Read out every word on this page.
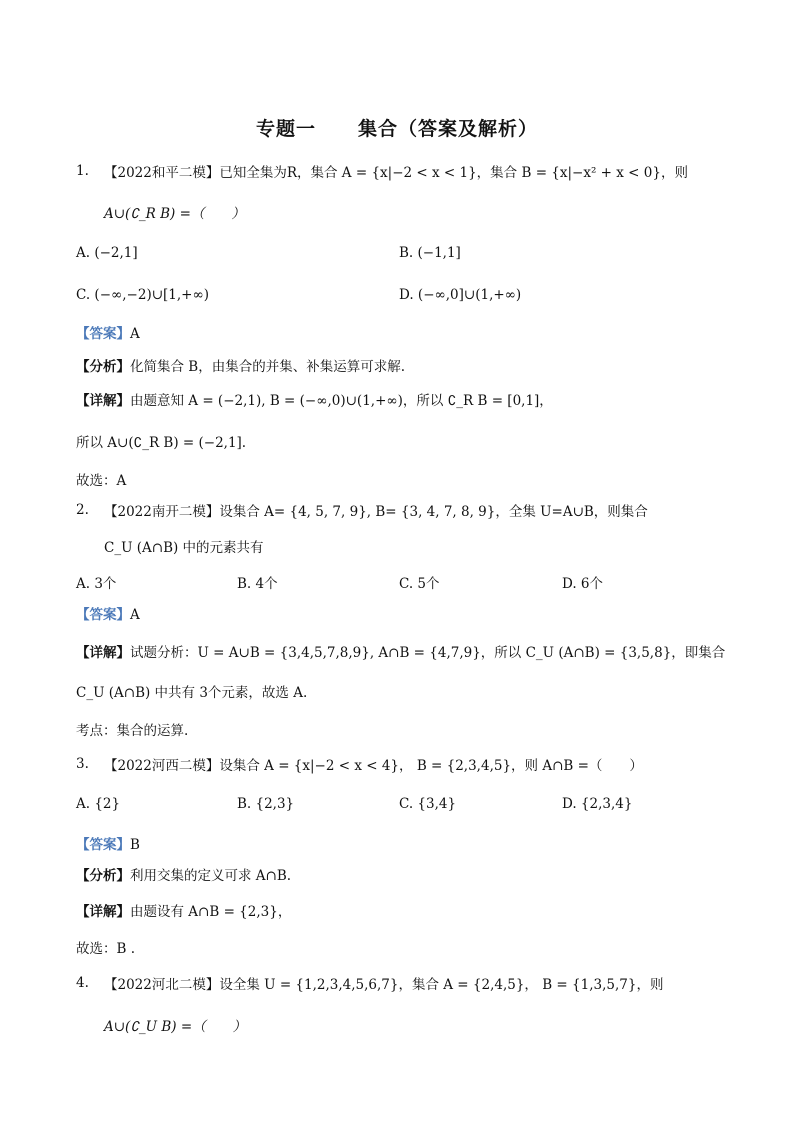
专题一 集合（答案及解析）
1. 【2022和平二模】已知全集为R，集合 A = {x|−2 < x < 1}，集合 B = {x|−x² + x < 0}，则
A∪(∁_R B) =（　　）
A. (−2,1]	B. (−1,1]
C. (−∞,−2)∪[1,+∞)	D. (−∞,0]∪(1,+∞)
【答案】A
【分析】化简集合 B，由集合的并集、补集运算可求解.
【详解】由题意知 A = (−2,1), B = (−∞,0)∪(1,+∞)，所以 ∁_R B = [0,1]，
所以 A∪(∁_R B) = (−2,1].
故选：A
2. 【2022南开二模】设集合 A= {4, 5, 7, 9}, B= {3, 4, 7, 8, 9}，全集 U=A∪B，则集合
C_U (A∩B) 中的元素共有
A. 3个	B. 4个	C. 5个	D. 6个
【答案】A
【详解】试题分析：U = A∪B = {3,4,5,7,8,9}, A∩B = {4,7,9}，所以 C_U (A∩B) = {3,5,8}，即集合
C_U (A∩B) 中共有 3个元素，故选 A.
考点：集合的运算.
3. 【2022河西二模】设集合 A = {x|−2 < x < 4}， B = {2,3,4,5}，则 A∩B =（　　）
A. {2}	B. {2,3}	C. {3,4}	D. {2,3,4}
【答案】B
【分析】利用交集的定义可求 A∩B.
【详解】由题设有 A∩B = {2,3}，
故选：B .
4. 【2022河北二模】设全集 U = {1,2,3,4,5,6,7}，集合 A = {2,4,5}， B = {1,3,5,7}，则
A∪(∁_U B) =（　　）
